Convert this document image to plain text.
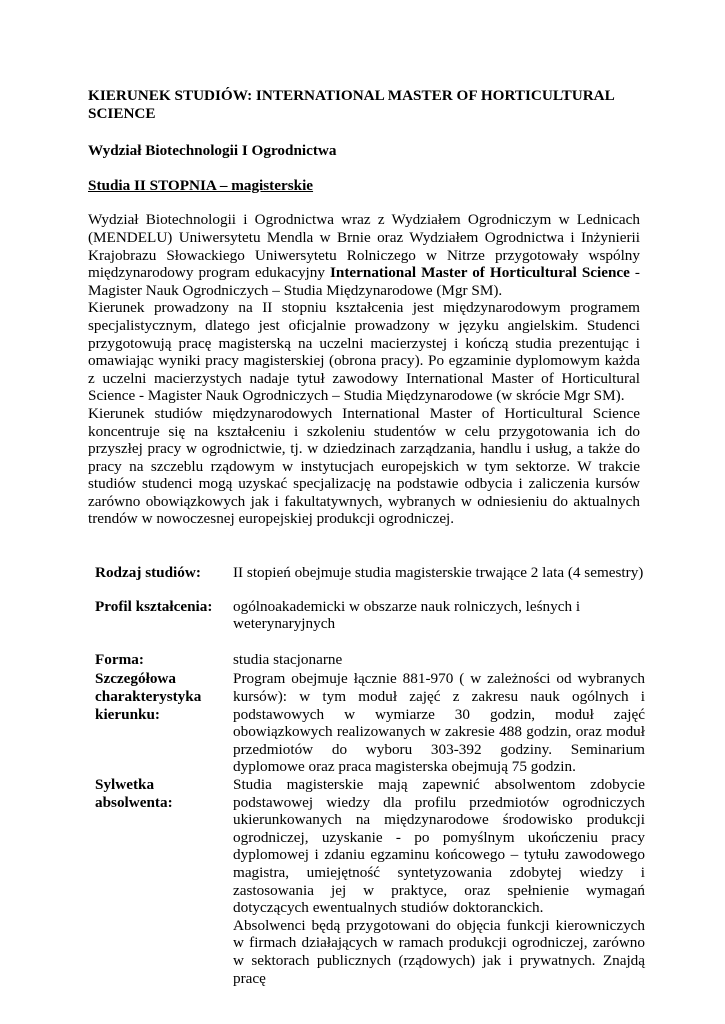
KIERUNEK STUDIÓW: INTERNATIONAL MASTER OF HORTICULTURAL SCIENCE

Wydział Biotechnologii I Ogrodnictwa

Studia II STOPNIA – magisterskie

Wydział Biotechnologii i Ogrodnictwa wraz z Wydziałem Ogrodniczym w Lednicach (MENDELU) Uniwersytetu Mendla w Brnie oraz Wydziałem Ogrodnictwa i Inżynierii Krajobrazu Słowackiego Uniwersytetu Rolniczego w Nitrze przygotowały wspólny międzynarodowy program edukacyjny International Master of Horticultural Science - Magister Nauk Ogrodniczych – Studia Międzynarodowe (Mgr SM).

Kierunek prowadzony na II stopniu kształcenia jest międzynarodowym programem specjalistycznym, dlatego jest oficjalnie prowadzony w języku angielskim. Studenci przygotowują pracę magisterską na uczelni macierzystej i kończą studia prezentując i omawiając wyniki pracy magisterskiej (obrona pracy). Po egzaminie dyplomowym każda z uczelni macierzystych nadaje tytuł zawodowy International Master of Horticultural Science - Magister Nauk Ogrodniczych – Studia Międzynarodowe (w skrócie Mgr SM).

Kierunek studiów międzynarodowych International Master of Horticultural Science koncentruje się na kształceniu i szkoleniu studentów w celu przygotowania ich do przyszłej pracy w ogrodnictwie, tj. w dziedzinach zarządzania, handlu i usług, a także do pracy na szczeblu rządowym w instytucjach europejskich w tym sektorze. W trakcie studiów studenci mogą uzyskać specjalizację na podstawie odbycia i zaliczenia kursów zarówno obowiązkowych jak i fakultatywnych, wybranych w odniesieniu do aktualnych trendów w nowoczesnej europejskiej produkcji ogrodniczej.

Rodzaj studiów:	II stopień obejmuje studia magisterskie trwające 2 lata (4 semestry)
Profil kształcenia:	ogólnoakademicki w obszarze nauk rolniczych, leśnych i weterynaryjnych
Forma:	studia stacjonarne
Szczegółowa charakterystyka kierunku:	Program obejmuje łącznie 881-970 ( w zależności od wybranych kursów): w tym moduł zajęć z zakresu nauk ogólnych i podstawowych w wymiarze 30 godzin, moduł zajęć obowiązkowych realizowanych w zakresie 488 godzin, oraz moduł przedmiotów do wyboru 303-392 godziny. Seminarium dyplomowe oraz praca magisterska obejmują 75 godzin.
Sylwetka absolwenta:	Studia magisterskie mają zapewnić absolwentom zdobycie podstawowej wiedzy dla profilu przedmiotów ogrodniczych ukierunkowanych na międzynarodowe środowisko produkcji ogrodniczej, uzyskanie - po pomyślnym ukończeniu pracy dyplomowej i zdaniu egzaminu końcowego – tytułu zawodowego magistra, umiejętność syntetyzowania zdobytej wiedzy i zastosowania jej w praktyce, oraz spełnienie wymagań dotyczących ewentualnych studiów doktoranckich.

Absolwenci będą przygotowani do objęcia funkcji kierowniczych w firmach działających w ramach produkcji ogrodniczej, zarówno w sektorach publicznych (rządowych) jak i prywatnych. Znajdą pracę
